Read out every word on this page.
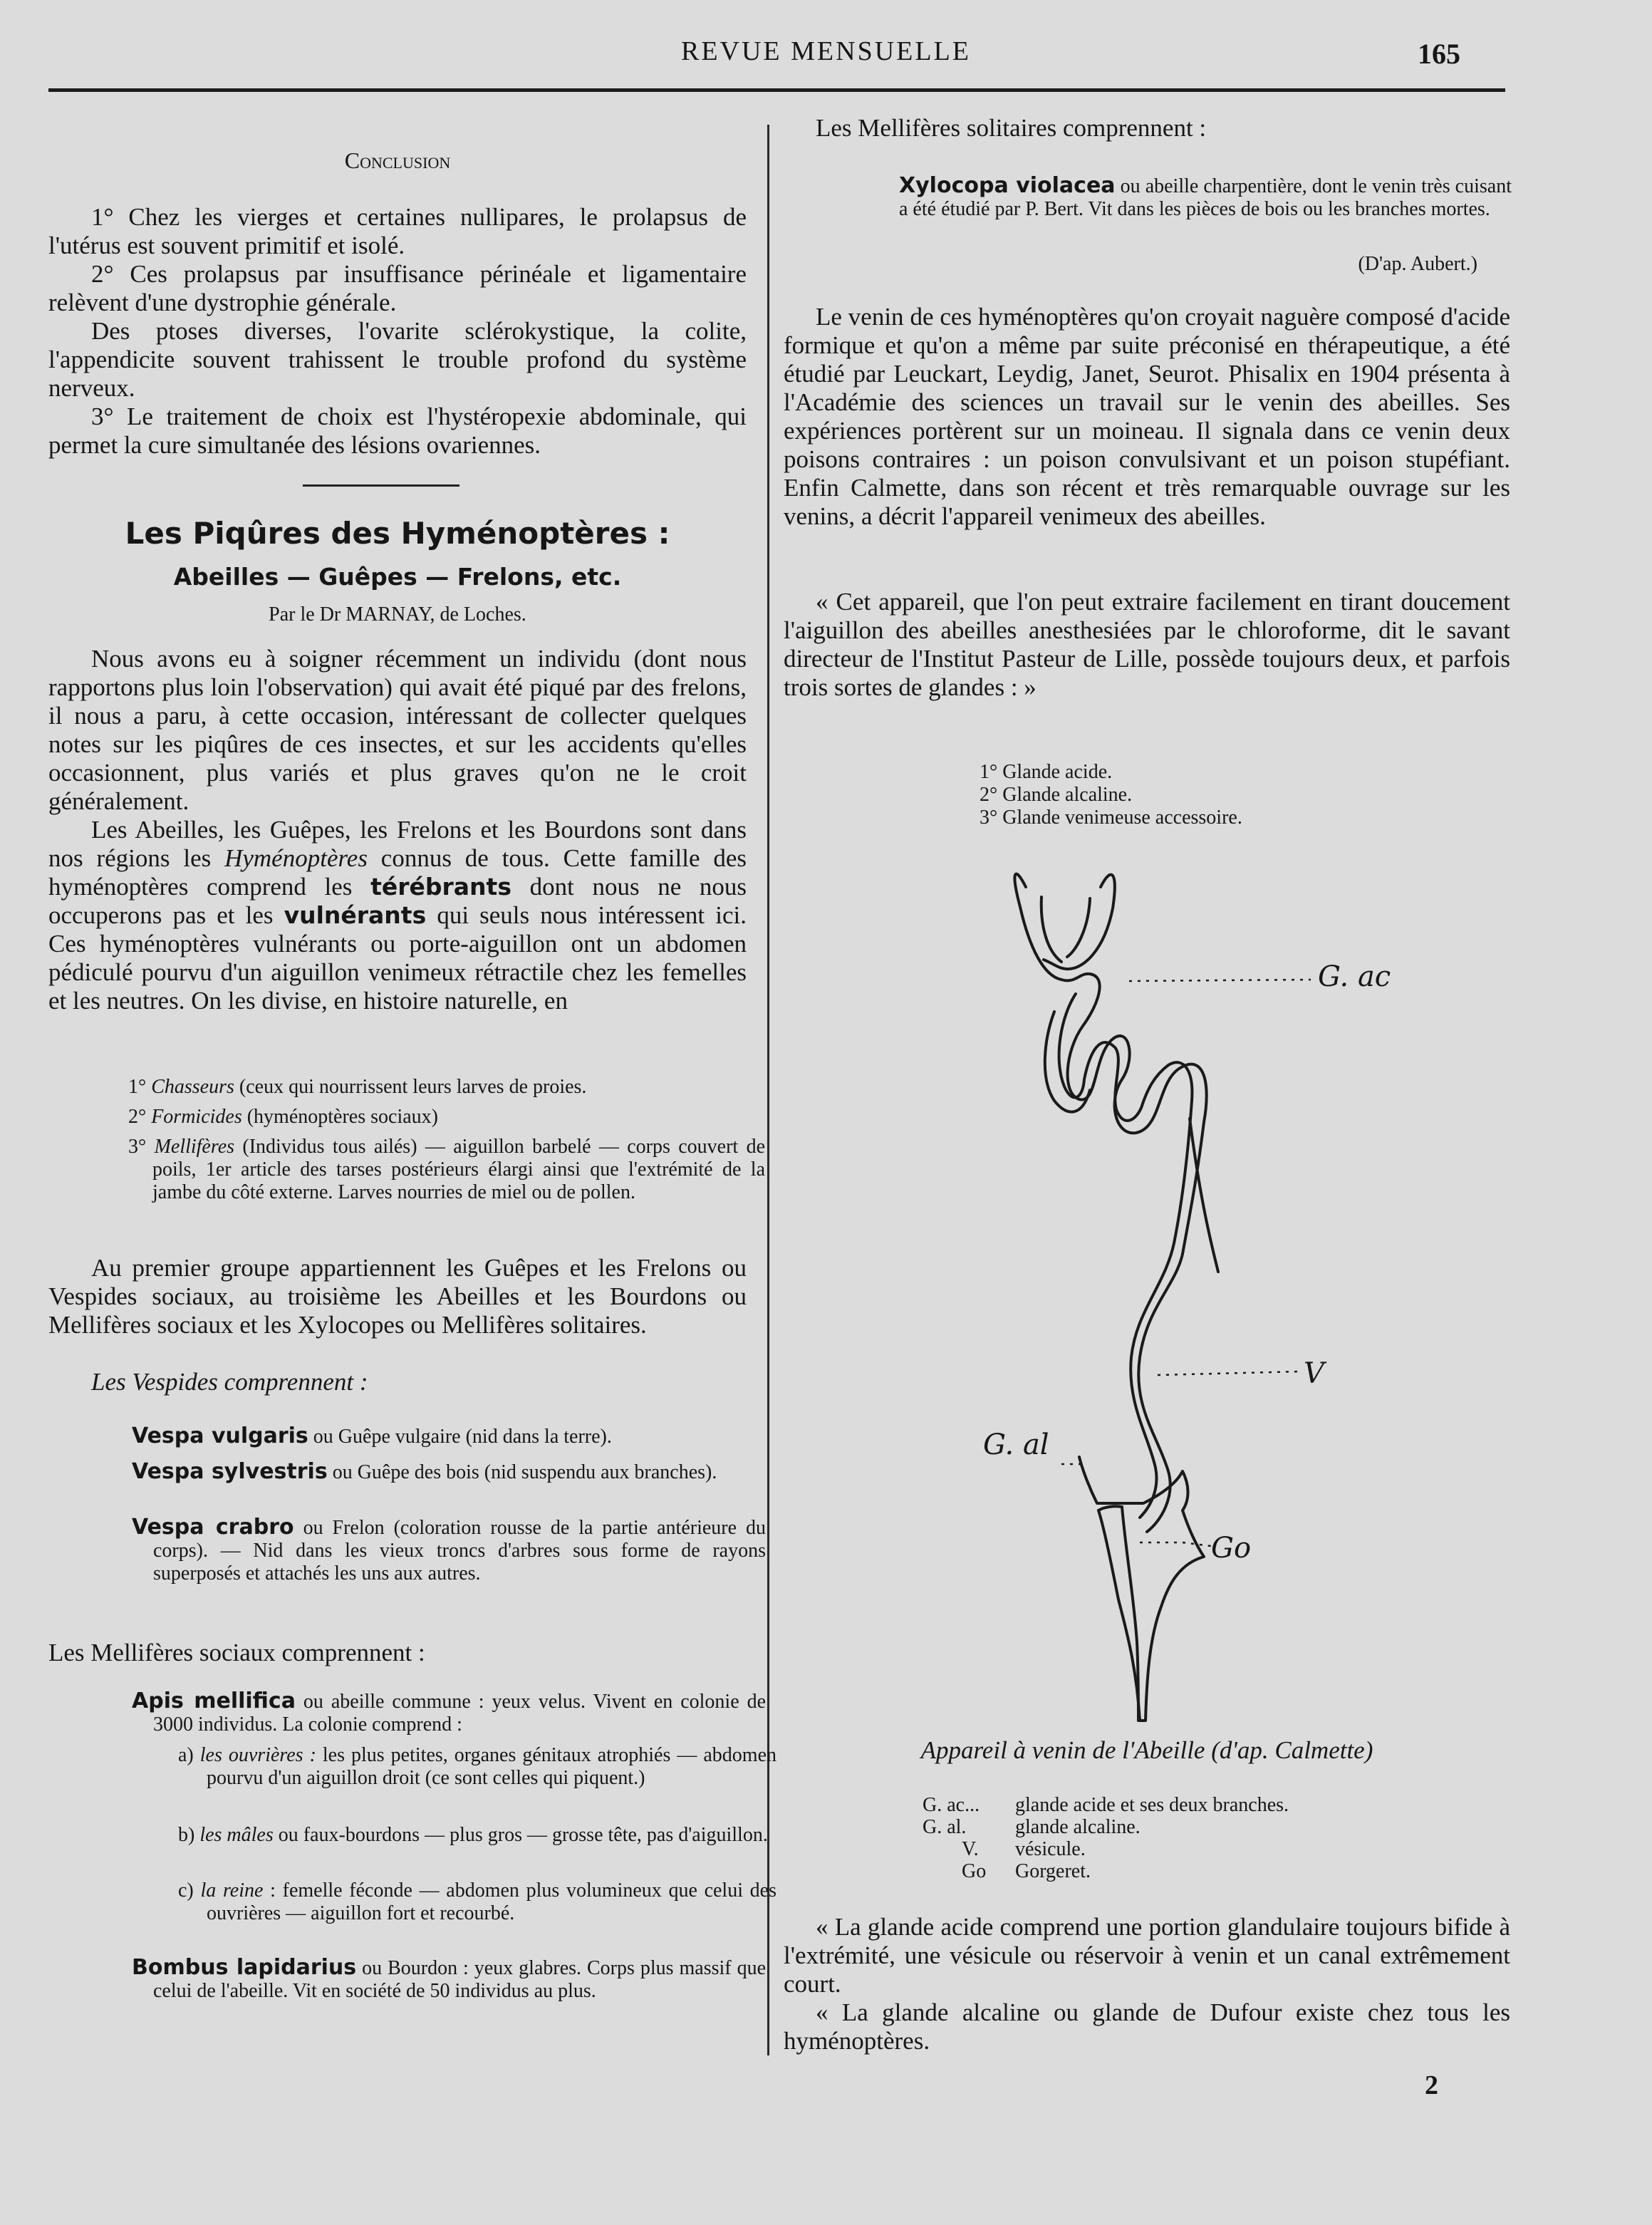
REVUE MENSUELLE	165
Conclusion

1° Chez les vierges et certaines nullipares, le prolapsus de l'utérus est souvent primitif et isolé.

2° Ces prolapsus par insuffisance périnéale et ligamentaire relèvent d'une dystrophie générale.

Des ptoses diverses, l'ovarite sclérokystique, la colite, l'appendicite souvent trahissent le trouble profond du système nerveux.

3° Le traitement de choix est l'hystéropexie abdominale, qui permet la cure simultanée des lésions ovariennes.

Les Piqûres des Hyménoptères :
Abeilles — Guêpes — Frelons, etc.
Par le Dr MARNAY, de Loches.

Nous avons eu à soigner récemment un individu (dont nous rapportons plus loin l'observation) qui avait été piqué par des frelons, il nous a paru, à cette occasion, intéressant de collecter quelques notes sur les piqûres de ces insectes, et sur les accidents qu'elles occasionnent, plus variés et plus graves qu'on ne le croit généralement.

Les Abeilles, les Guêpes, les Frelons et les Bourdons sont dans nos régions les Hyménoptères connus de tous. Cette famille des hyménoptères comprend les térébrants dont nous ne nous occuperons pas et les vulnérants qui seuls nous intéressent ici. Ces hyménoptères vulnérants ou porte-aiguillon ont un abdomen pédiculé pourvu d'un aiguillon venimeux rétractile chez les femelles et les neutres. On les divise, en histoire naturelle, en

1° Chasseurs (ceux qui nourrissent leurs larves de proies.
2° Formicides (hyménoptères sociaux)
3° Mellifères (Individus tous ailés) — aiguillon barbelé — corps couvert de poils, 1er article des tarses postérieurs élargi ainsi que l'extrémité de la jambe du côté externe. Larves nourries de miel ou de pollen.

Au premier groupe appartiennent les Guêpes et les Frelons ou Vespides sociaux, au troisième les Abeilles et les Bourdons ou Mellifères sociaux et les Xylocopes ou Mellifères solitaires.

Les Vespides comprennent :

Vespa vulgaris ou Guêpe vulgaire (nid dans la terre).
Vespa sylvestris ou Guêpe des bois (nid suspendu aux branches).
Vespa crabro ou Frelon (coloration rousse de la partie antérieure du corps). — Nid dans les vieux troncs d'arbres sous forme de rayons superposés et attachés les uns aux autres.

Les Mellifères sociaux comprennent :

Apis mellifica ou abeille commune : yeux velus. Vivent en colonie de 3000 individus. La colonie comprend :
a) les ouvrières : les plus petites, organes génitaux atrophiés — abdomen pourvu d'un aiguillon droit (ce sont celles qui piquent.)
b) les mâles ou faux-bourdons — plus gros — grosse tête, pas d'aiguillon.
c) la reine : femelle féconde — abdomen plus volumineux que celui des ouvrières — aiguillon fort et recourbé.
Bombus lapidarius ou Bourdon : yeux glabres. Corps plus massif que celui de l'abeille. Vit en société de 50 individus au plus.

Les Mellifères solitaires comprennent :

Xylocopa violacea ou abeille charpentière, dont le venin très cuisant a été étudié par P. Bert. Vit dans les pièces de bois ou les branches mortes.
(D'ap. Aubert.)

Le venin de ces hyménoptères qu'on croyait naguère composé d'acide formique et qu'on a même par suite préconisé en thérapeutique, a été étudié par Leuckart, Leydig, Janet, Seurot. Phisalix en 1904 présenta à l'Académie des sciences un travail sur le venin des abeilles. Ses expériences portèrent sur un moineau. Il signala dans ce venin deux poisons contraires : un poison convulsivant et un poison stupéfiant. Enfin Calmette, dans son récent et très remarquable ouvrage sur les venins, a décrit l'appareil venimeux des abeilles.

« Cet appareil, que l'on peut extraire facilement en tirant doucement l'aiguillon des abeilles anesthesiées par le chloroforme, dit le savant directeur de l'Institut Pasteur de Lille, possède toujours deux, et parfois trois sortes de glandes : »

1° Glande acide.
2° Glande alcaline.
3° Glande venimeuse accessoire.
G. ac
V
G. al
Go
Appareil à venin de l'Abeille (d'ap. Calmette)
G. ac...	glande acide et ses deux branches.
G. al.	glande alcaline.
V.	vésicule.
Go	Gorgeret.

« La glande acide comprend une portion glandulaire toujours bifide à l'extrémité, une vésicule ou réservoir à venin et un canal extrêmement court.

« La glande alcaline ou glande de Dufour existe chez tous les hyménoptères.

2
